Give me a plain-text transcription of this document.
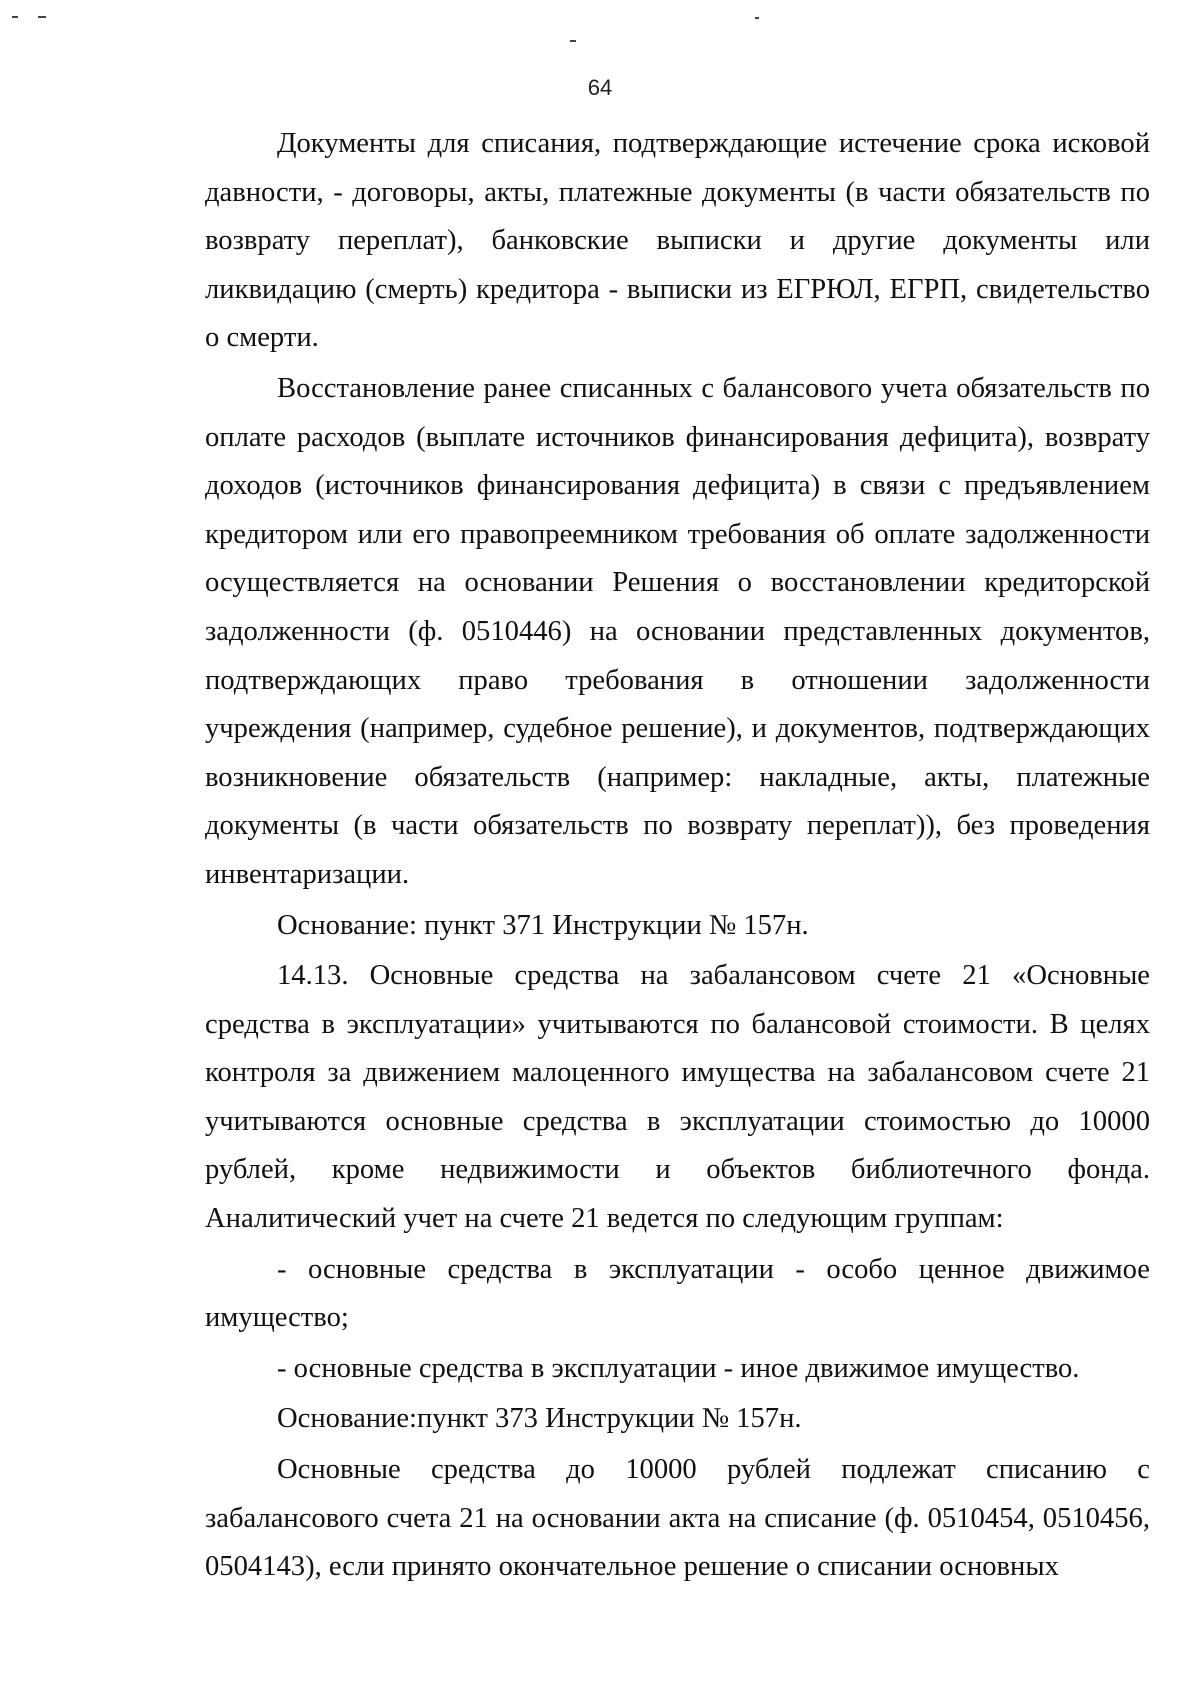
64

Документы для списания, подтверждающие истечение срока исковой давности, - договоры, акты, платежные документы (в части обязательств по возврату переплат), банковские выписки и другие документы или ликвидацию (смерть) кредитора - выписки из ЕГРЮЛ, ЕГРП, свидетельство о смерти.

Восстановление ранее списанных с балансового учета обязательств по оплате расходов (выплате источников финансирования дефицита), возврату доходов (источников финансирования дефицита) в связи с предъявлением кредитором или его правопреемником требования об оплате задолженности осуществляется на основании Решения о восстановлении кредиторской задолженности (ф. 0510446) на основании представленных документов, подтверждающих право требования в отношении задолженности учреждения (например, судебное решение), и документов, подтверждающих возникновение обязательств (например: накладные, акты, платежные документы (в части обязательств по возврату переплат)), без проведения инвентаризации.

Основание: пункт 371 Инструкции № 157н.

14.13. Основные средства на забалансовом счете 21 «Основные средства в эксплуатации» учитываются по балансовой стоимости. В целях контроля за движением малоценного имущества на забалансовом счете 21 учитываются основные средства в эксплуатации стоимостью до 10000 рублей, кроме недвижимости и объектов библиотечного фонда. Аналитический учет на счете 21 ведется по следующим группам:

- основные средства в эксплуатации - особо ценное движимое имущество;

- основные средства в эксплуатации - иное движимое имущество.

Основание:пункт 373 Инструкции № 157н.

Основные средства до 10000 рублей подлежат списанию с забалансового счета 21 на основании акта на списание (ф. 0510454, 0510456, 0504143), если принято окончательное решение о списании основных
